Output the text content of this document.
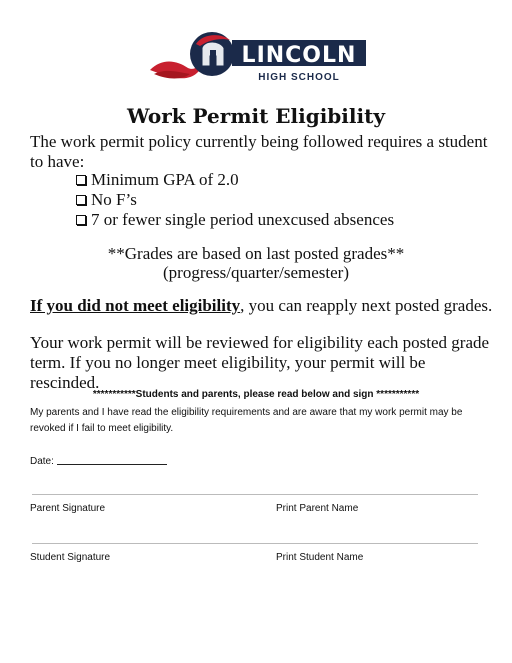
LINCOLN
HIGH SCHOOL
Work Permit Eligibility
The work permit policy currently being followed requires a student to have:
Minimum GPA of 2.0
No F’s
7 or fewer single period unexcused absences
**Grades are based on last posted grades**
(progress/quarter/semester)
If you did not meet eligibility, you can reapply next posted grades.
Your work permit will be reviewed for eligibility each posted grade term. If you no longer meet eligibility, your permit will be rescinded.
***********Students and parents, please read below and sign ***********
My parents and I have read the eligibility requirements and are aware that my work permit may be revoked if I fail to meet eligibility.
Date:
Parent Signature	Print Parent Name
Student Signature	Print Student Name
